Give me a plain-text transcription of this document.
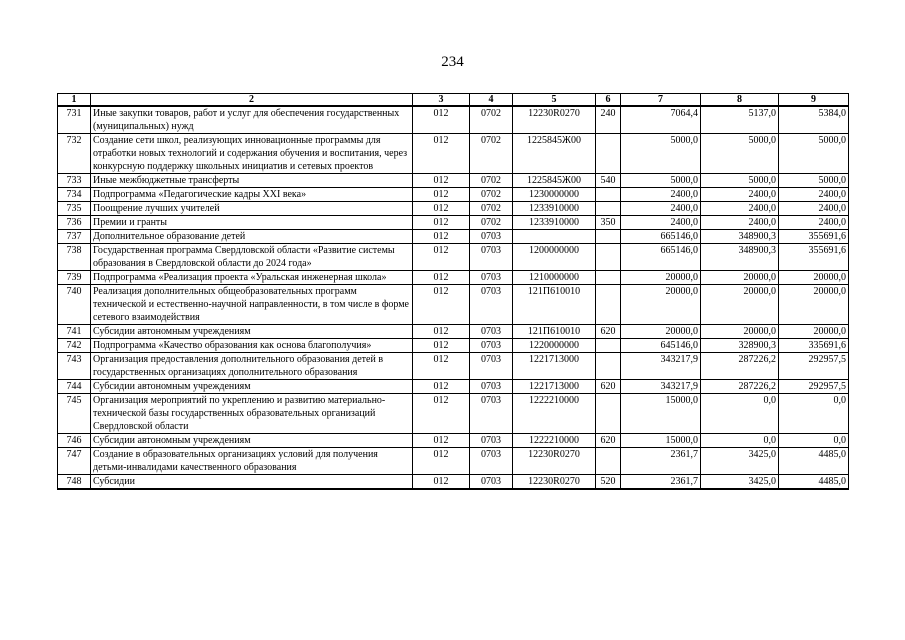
234
1	2	3	4	5	6	7	8	9
731	Иные закупки товаров, работ и услуг для обеспечения государственных (муниципальных) нужд	012	0702	12230R0270	240	7064,4	5137,0	5384,0
732	Создание сети школ, реализующих инновационные программы для отработки новых технологий и содержания обучения и воспитания, через конкурсную поддержку школьных инициатив и сетевых проектов	012	0702	1225845Ж00		5000,0	5000,0	5000,0
733	Иные межбюджетные трансферты	012	0702	1225845Ж00	540	5000,0	5000,0	5000,0
734	Подпрограмма «Педагогические кадры XXI века»	012	0702	1230000000		2400,0	2400,0	2400,0
735	Поощрение лучших учителей	012	0702	1233910000		2400,0	2400,0	2400,0
736	Премии и гранты	012	0702	1233910000	350	2400,0	2400,0	2400,0
737	Дополнительное образование детей	012	0703			665146,0	348900,3	355691,6
738	Государственная программа Свердловской области «Развитие системы образования в Свердловской области до 2024 года»	012	0703	1200000000		665146,0	348900,3	355691,6
739	Подпрограмма «Реализация проекта «Уральская инженерная школа»	012	0703	1210000000		20000,0	20000,0	20000,0
740	Реализация дополнительных общеобразовательных программ технической и естественно-научной направленности, в том числе в форме сетевого взаимодействия	012	0703	121П610010		20000,0	20000,0	20000,0
741	Субсидии автономным учреждениям	012	0703	121П610010	620	20000,0	20000,0	20000,0
742	Подпрограмма «Качество образования как основа благополучия»	012	0703	1220000000		645146,0	328900,3	335691,6
743	Организация предоставления дополнительного образования детей в государственных организациях дополнительного образования	012	0703	1221713000		343217,9	287226,2	292957,5
744	Субсидии автономным учреждениям	012	0703	1221713000	620	343217,9	287226,2	292957,5
745	Организация мероприятий по укреплению и развитию материально-технической базы государственных образовательных организаций Свердловской области	012	0703	1222210000		15000,0	0,0	0,0
746	Субсидии автономным учреждениям	012	0703	1222210000	620	15000,0	0,0	0,0
747	Создание в образовательных организациях условий для получения детьми-инвалидами качественного образования	012	0703	12230R0270		2361,7	3425,0	4485,0
748	Субсидии	012	0703	12230R0270	520	2361,7	3425,0	4485,0
